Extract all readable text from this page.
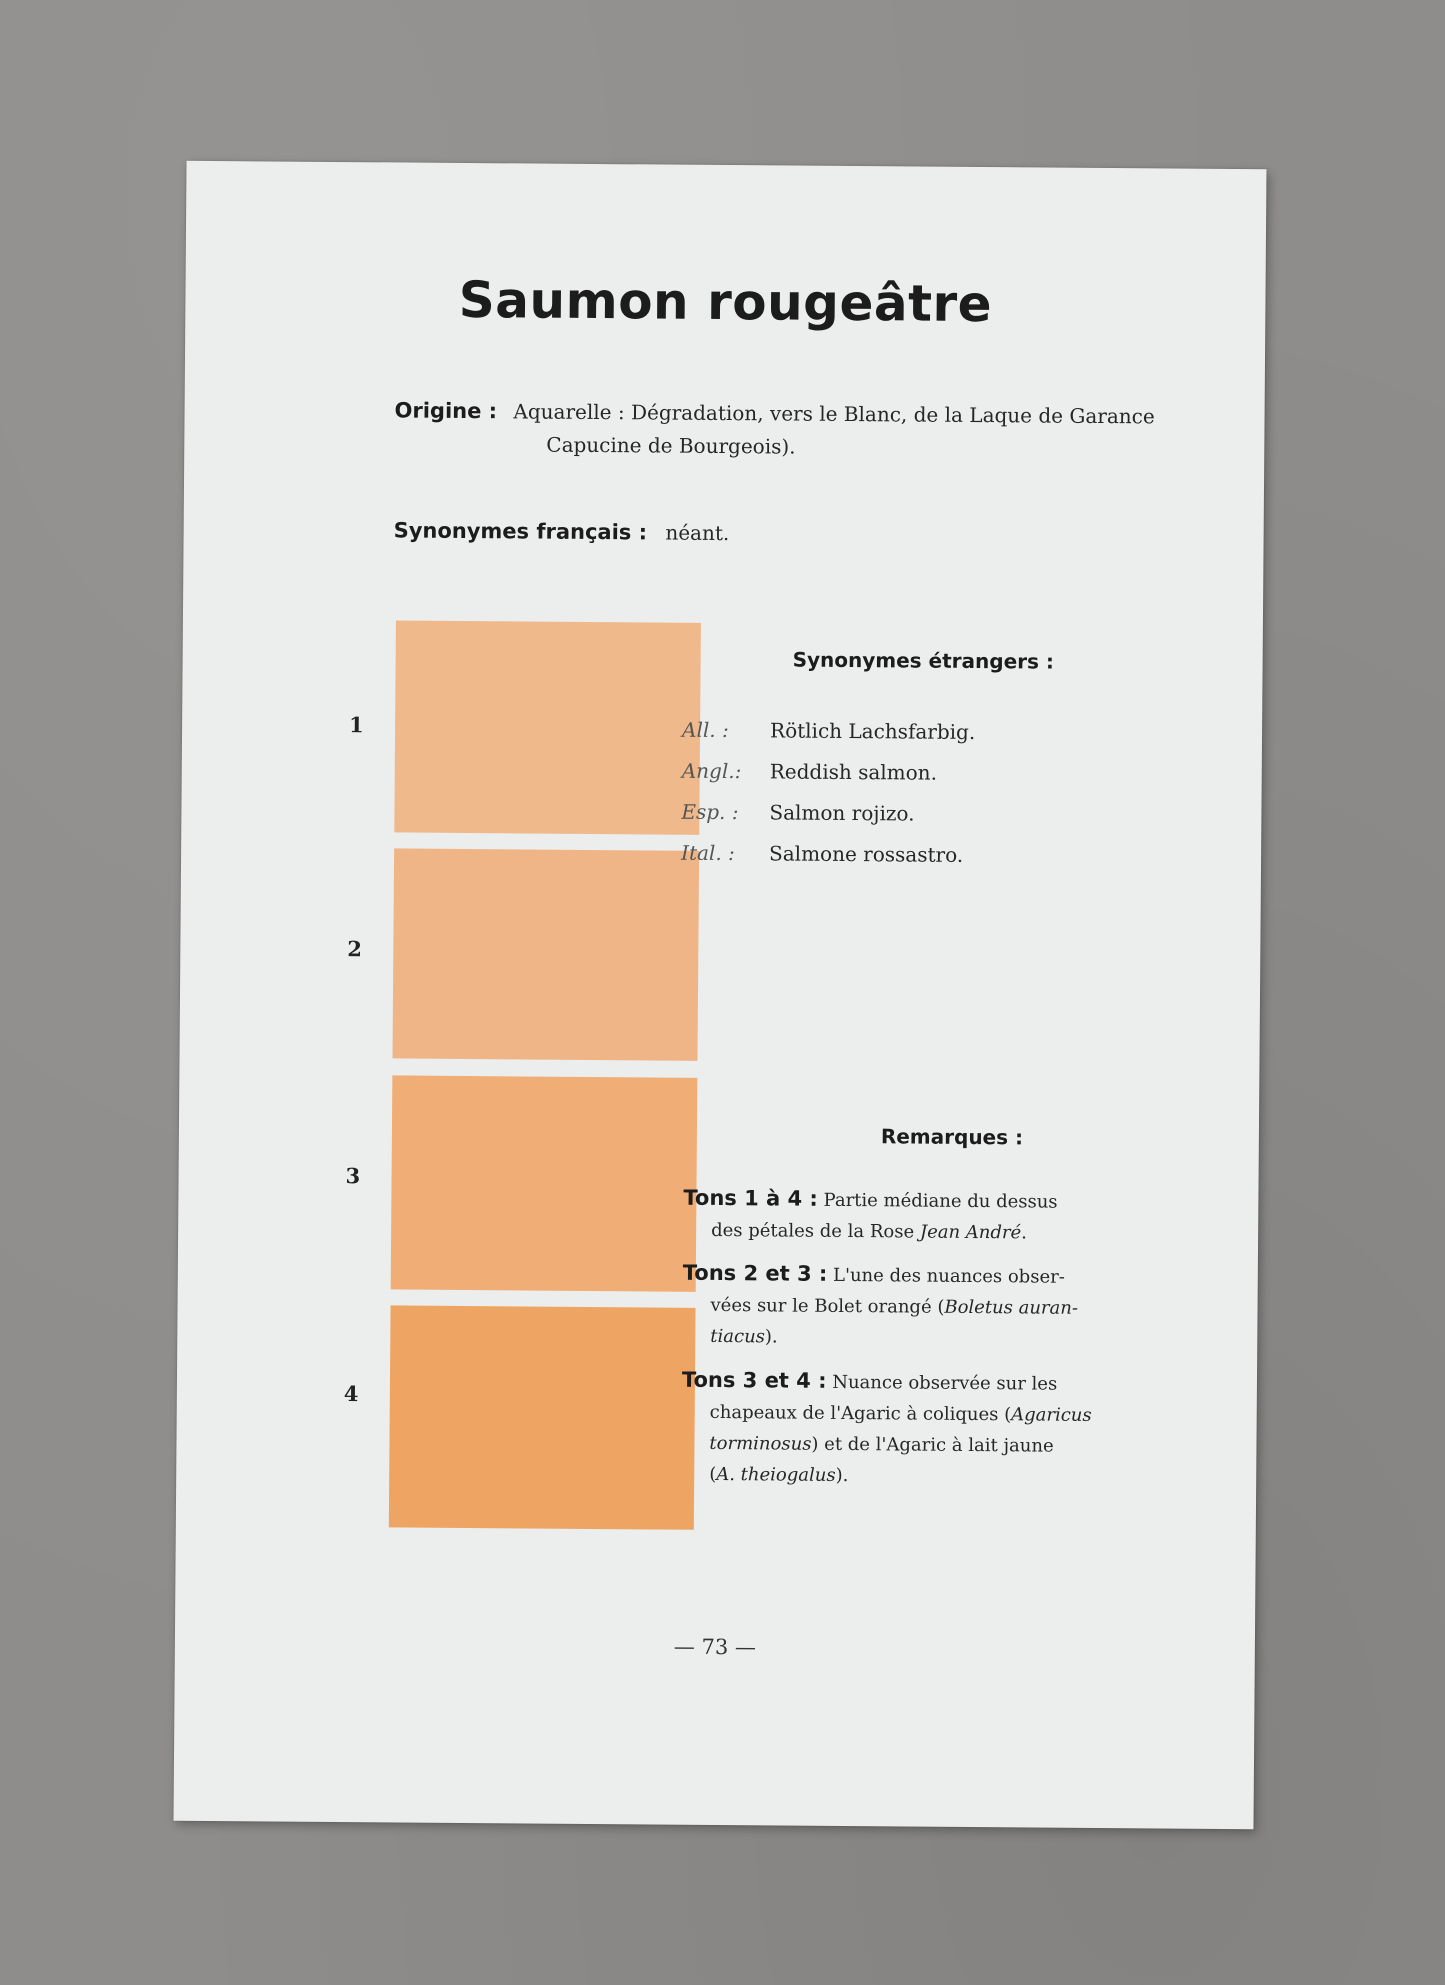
Saumon rougeâtre
Origine : Aquarelle : Dégradation, vers le Blanc, de la Laque de Garance
Capucine de Bourgeois).
Synonymes français : néant.
1
2
3
4
Synonymes étrangers :
All. : Rötlich Lachsfarbig.
Angl.: Reddish salmon.
Esp. : Salmon rojizo.
Ital. : Salmone rossastro.
Remarques :
Tons 1 à 4 : Partie médiane du dessus
des pétales de la Rose Jean André.
Tons 2 et 3 : L'une des nuances obser-
vées sur le Bolet orangé (Boletus auran-
tiacus).
Tons 3 et 4 : Nuance observée sur les
chapeaux de l'Agaric à coliques (Agaricus
torminosus) et de l'Agaric à lait jaune
(A. theiogalus).
— 73 —
